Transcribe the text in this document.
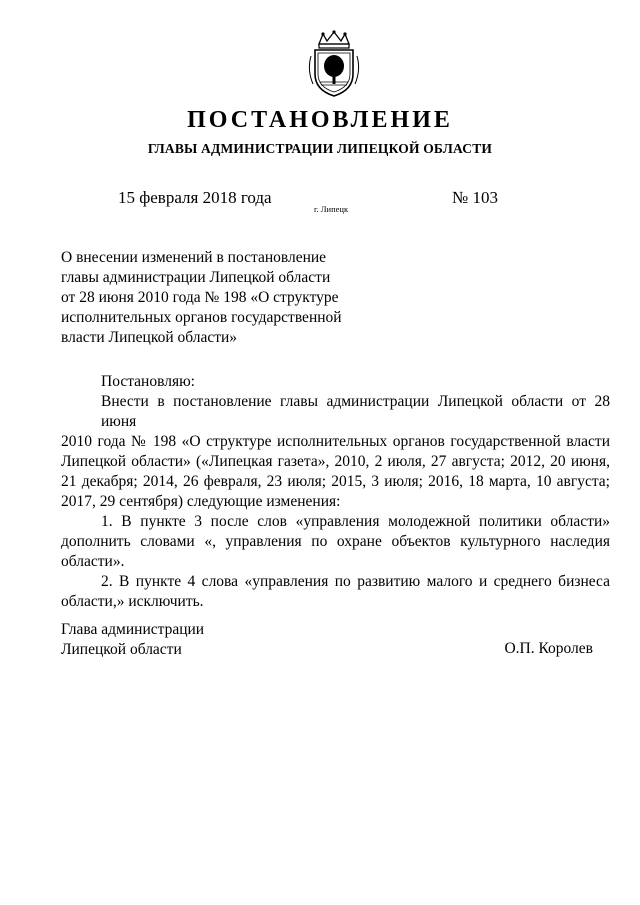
ПОСТАНОВЛЕНИЕ
ГЛАВЫ АДМИНИСТРАЦИИ ЛИПЕЦКОЙ ОБЛАСТИ
15 февраля 2018 года
г. Липецк
№ 103
О внесении изменений в постановление
главы администрации Липецкой области
от 28 июня 2010 года № 198 «О структуре
исполнительных органов государственной
власти Липецкой области»
Постановляю:
Внести в постановление главы администрации Липецкой области от 28 июня
2010 года № 198 «О структуре исполнительных органов государственной власти
Липецкой области» («Липецкая газета», 2010, 2 июля, 27 августа; 2012, 20 июня,
21 декабря; 2014, 26 февраля, 23 июля; 2015, 3 июля; 2016, 18 марта, 10 августа;
2017, 29 сентября) следующие изменения:
1. В пункте 3 после слов «управления молодежной политики области»
дополнить словами «, управления по охране объектов культурного наследия
области».
2. В пункте 4 слова «управления по развитию малого и среднего бизнеса
области,» исключить.
Глава администрации
Липецкой области	О.П. Королев
